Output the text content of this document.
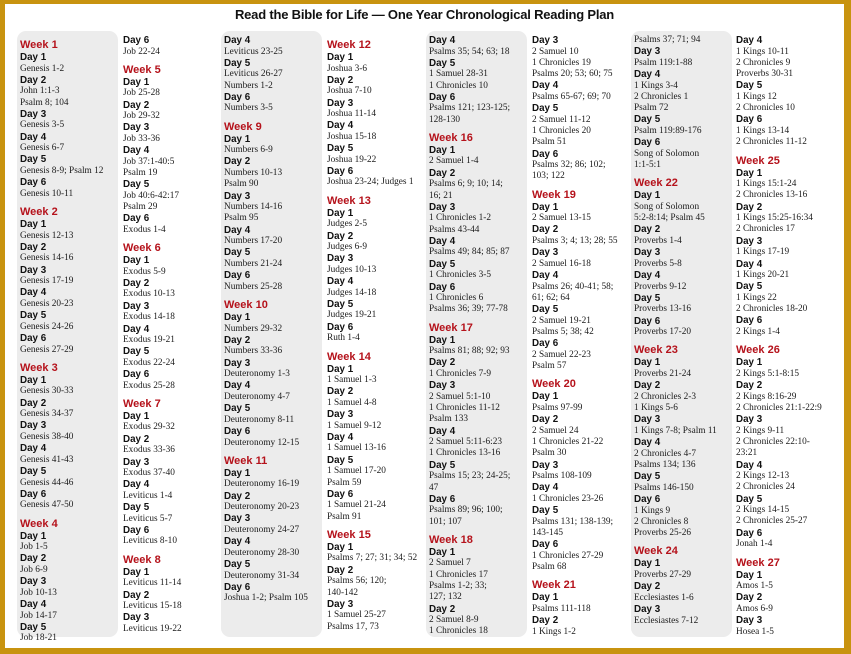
Read the Bible for Life — One Year Chronological Reading Plan
Week 1
Day 1
Genesis 1-2
Day 2
John 1:1-3
Psalm 8; 104
Day 3
Genesis 3-5
Day 4
Genesis 6-7
Day 5
Genesis 8-9; Psalm 12
Day 6
Genesis 10-11
Week 2
Day 1
Genesis 12-13
Day 2
Genesis 14-16
Day 3
Genesis 17-19
Day 4
Genesis 20-23
Day 5
Genesis 24-26
Day 6
Genesis 27-29
Week 3
Day 1
Genesis 30-33
Day 2
Genesis 34-37
Day 3
Genesis 38-40
Day 4
Genesis 41-43
Day 5
Genesis 44-46
Day 6
Genesis 47-50
Week 4
Day 1
Job 1-5
Day 2
Job 6-9
Day 3
Job 10-13
Day 4
Job 14-17
Day 5
Job 18-21
Day 6
Job 22-24
Week 5
Day 1
Job 25-28
Day 2
Job 29-32
Day 3
Job 33-36
Day 4
Job 37:1-40:5
Psalm 19
Day 5
Job 40:6-42:17
Psalm 29
Day 6
Exodus 1-4
Week 6
Day 1
Exodus 5-9
Day 2
Exodus 10-13
Day 3
Exodus 14-18
Day 4
Exodus 19-21
Day 5
Exodus 22-24
Day 6
Exodus 25-28
Week 7
Day 1
Exodus 29-32
Day 2
Exodus 33-36
Day 3
Exodus 37-40
Day 4
Leviticus 1-4
Day 5
Leviticus 5-7
Day 6
Leviticus 8-10
Week 8
Day 1
Leviticus 11-14
Day 2
Leviticus 15-18
Day 3
Leviticus 19-22
Day 4
Leviticus 23-25
Day 5
Leviticus 26-27
Numbers 1-2
Day 6
Numbers 3-5
Week 9
Day 1
Numbers 6-9
Day 2
Numbers 10-13
Psalm 90
Day 3
Numbers 14-16
Psalm 95
Day 4
Numbers 17-20
Day 5
Numbers 21-24
Day 6
Numbers 25-28
Week 10
Day 1
Numbers 29-32
Day 2
Numbers 33-36
Day 3
Deuteronomy 1-3
Day 4
Deuteronomy 4-7
Day 5
Deuteronomy 8-11
Day 6
Deuteronomy 12-15
Week 11
Day 1
Deuteronomy 16-19
Day 2
Deuteronomy 20-23
Day 3
Deuteronomy 24-27
Day 4
Deuteronomy 28-30
Day 5
Deuteronomy 31-34
Day 6
Joshua 1-2; Psalm 105
Week 12
Day 1
Joshua 3-6
Day 2
Joshua 7-10
Day 3
Joshua 11-14
Day 4
Joshua 15-18
Day 5
Joshua 19-22
Day 6
Joshua 23-24; Judges 1
Week 13
Day 1
Judges 2-5
Day 2
Judges 6-9
Day 3
Judges 10-13
Day 4
Judges 14-18
Day 5
Judges 19-21
Day 6
Ruth 1-4
Week 14
Day 1
1 Samuel 1-3
Day 2
1 Samuel 4-8
Day 3
1 Samuel 9-12
Day 4
1 Samuel 13-16
Day 5
1 Samuel 17-20
Psalm 59
Day 6
1 Samuel 21-24
Psalm 91
Week 15
Day 1
Psalms 7; 27; 31; 34; 52
Day 2
Psalms 56; 120;
140-142
Day 3
1 Samuel 25-27
Psalms 17, 73
Day 4
Psalms 35; 54; 63; 18
Day 5
1 Samuel 28-31
1 Chronicles 10
Day 6
Psalms 121; 123-125;
128-130
Week 16
Day 1
2 Samuel 1-4
Day 2
Psalms 6; 9; 10; 14;
16; 21
Day 3
1 Chronicles 1-2
Psalms 43-44
Day 4
Psalms 49; 84; 85; 87
Day 5
1 Chronicles 3-5
Day 6
1 Chronicles 6
Psalms 36; 39; 77-78
Week 17
Day 1
Psalms 81; 88; 92; 93
Day 2
1 Chronicles 7-9
Day 3
2 Samuel 5:1-10
1 Chronicles 11-12
Psalm 133
Day 4
2 Samuel 5:11-6:23
1 Chronicles 13-16
Day 5
Psalms 15; 23; 24-25;
47
Day 6
Psalms 89; 96; 100;
101; 107
Week 18
Day 1
2 Samuel 7
1 Chronicles 17
Psalms 1-2; 33;
127; 132
Day 2
2 Samuel 8-9
1 Chronicles 18
Day 3
2 Samuel 10
1 Chronicles 19
Psalms 20; 53; 60; 75
Day 4
Psalms 65-67; 69; 70
Day 5
2 Samuel 11-12
1 Chronicles 20
Psalm 51
Day 6
Psalms 32; 86; 102;
103; 122
Week 19
Day 1
2 Samuel 13-15
Day 2
Psalms 3; 4; 13; 28; 55
Day 3
2 Samuel 16-18
Day 4
Psalms 26; 40-41; 58;
61; 62; 64
Day 5
2 Samuel 19-21
Psalms 5; 38; 42
Day 6
2 Samuel 22-23
Psalm 57
Week 20
Day 1
Psalms 97-99
Day 2
2 Samuel 24
1 Chronicles 21-22
Psalm 30
Day 3
Psalms 108-109
Day 4
1 Chronicles 23-26
Day 5
Psalms 131; 138-139;
143-145
Day 6
1 Chronicles 27-29
Psalm 68
Week 21
Day 1
Psalms 111-118
Day 2
1 Kings 1-2
Psalms 37; 71; 94
Day 3
Psalm 119:1-88
Day 4
1 Kings 3-4
2 Chronicles 1
Psalm 72
Day 5
Psalm 119:89-176
Day 6
Song of Solomon
1:1-5:1
Week 22
Day 1
Song of Solomon
5:2-8:14; Psalm 45
Day 2
Proverbs 1-4
Day 3
Proverbs 5-8
Day 4
Proverbs 9-12
Day 5
Proverbs 13-16
Day 6
Proverbs 17-20
Week 23
Day 1
Proverbs 21-24
Day 2
2 Chronicles 2-3
1 Kings 5-6
Day 3
1 Kings 7-8; Psalm 11
Day 4
2 Chronicles 4-7
Psalms 134; 136
Day 5
Psalms 146-150
Day 6
1 Kings 9
2 Chronicles 8
Proverbs 25-26
Week 24
Day 1
Proverbs 27-29
Day 2
Ecclesiastes 1-6
Day 3
Ecclesiastes 7-12
Day 4
1 Kings 10-11
2 Chronicles 9
Proverbs 30-31
Day 5
1 Kings 12
2 Chronicles 10
Day 6
1 Kings 13-14
2 Chronicles 11-12
Week 25
Day 1
1 Kings 15:1-24
2 Chronicles 13-16
Day 2
1 Kings 15:25-16:34
2 Chronicles 17
Day 3
1 Kings 17-19
Day 4
1 Kings 20-21
Day 5
1 Kings 22
2 Chronicles 18-20
Day 6
2 Kings 1-4
Week 26
Day 1
2 Kings 5:1-8:15
Day 2
2 Kings 8:16-29
2 Chronicles 21:1-22:9
Day 3
2 Kings 9-11
2 Chronicles 22:10-
23:21
Day 4
2 Kings 12-13
2 Chronicles 24
Day 5
2 Kings 14-15
2 Chronicles 25-27
Day 6
Jonah 1-4
Week 27
Day 1
Amos 1-5
Day 2
Amos 6-9
Day 3
Hosea 1-5
